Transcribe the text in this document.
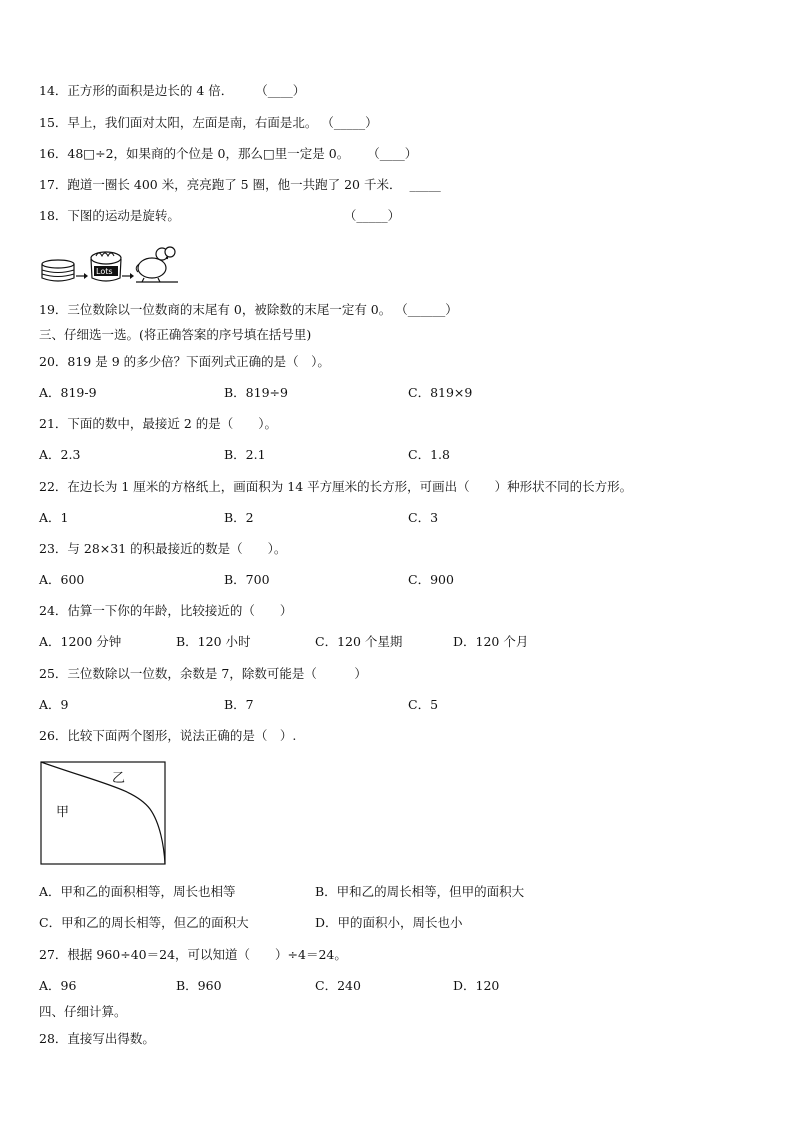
14．正方形的面积是边长的 4 倍． （____）
15．早上，我们面对太阳，左面是南，右面是北。 （_____）
16．48□÷2，如果商的个位是 0，那么□里一定是 0。 （____）
17．跑道一圈长 400 米，亮亮跑了 5 圈，他一共跑了 20 千米． _____
18．下图的运动是旋转。	（_____）
Lots
19．三位数除以一位数商的末尾有 0，被除数的末尾一定有 0。 （______）
三、仔细选一选。(将正确答案的序号填在括号里)
20．819 是 9 的多少倍？下面列式正确的是（　）。
A．819-9	B．819÷9	C．819×9
21．下面的数中，最接近 2 的是（　　）。
A．2.3	B．2.1	C．1.8
22．在边长为 1 厘米的方格纸上，画面积为 14 平方厘米的长方形，可画出（　　）种形状不同的长方形。
A．1	B．2	C．3
23．与 28×31 的积最接近的数是（　　）。
A．600	B．700	C．900
24．估算一下你的年龄，比较接近的（　　）
A．1200 分钟	B．120 小时	C．120 个星期	D．120 个月
25．三位数除以一位数，余数是 7，除数可能是（　　　）
A．9	B．7	C．5
26．比较下面两个图形，说法正确的是（　）.
甲
乙
A．甲和乙的面积相等，周长也相等	B．甲和乙的周长相等，但甲的面积大
C．甲和乙的周长相等，但乙的面积大	D．甲的面积小，周长也小
27．根据 960÷40＝24，可以知道（　　）÷4＝24。
A．96	B．960	C．240	D．120
四、仔细计算。
28．直接写出得数。
